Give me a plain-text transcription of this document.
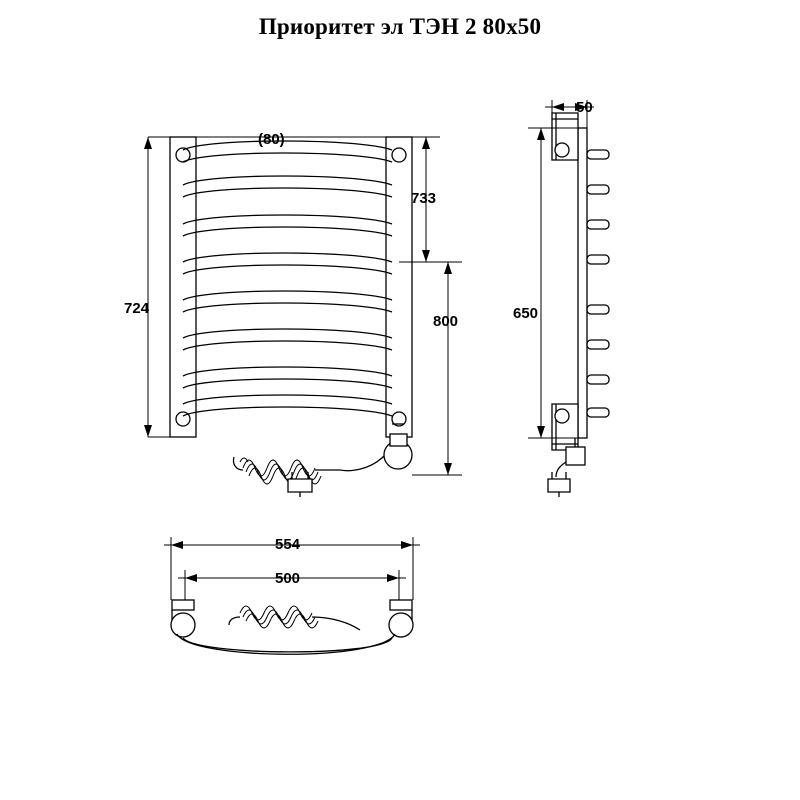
Приоритет эл ТЭН 2 80х50
(80)
724
733
800
50
650
554
500
